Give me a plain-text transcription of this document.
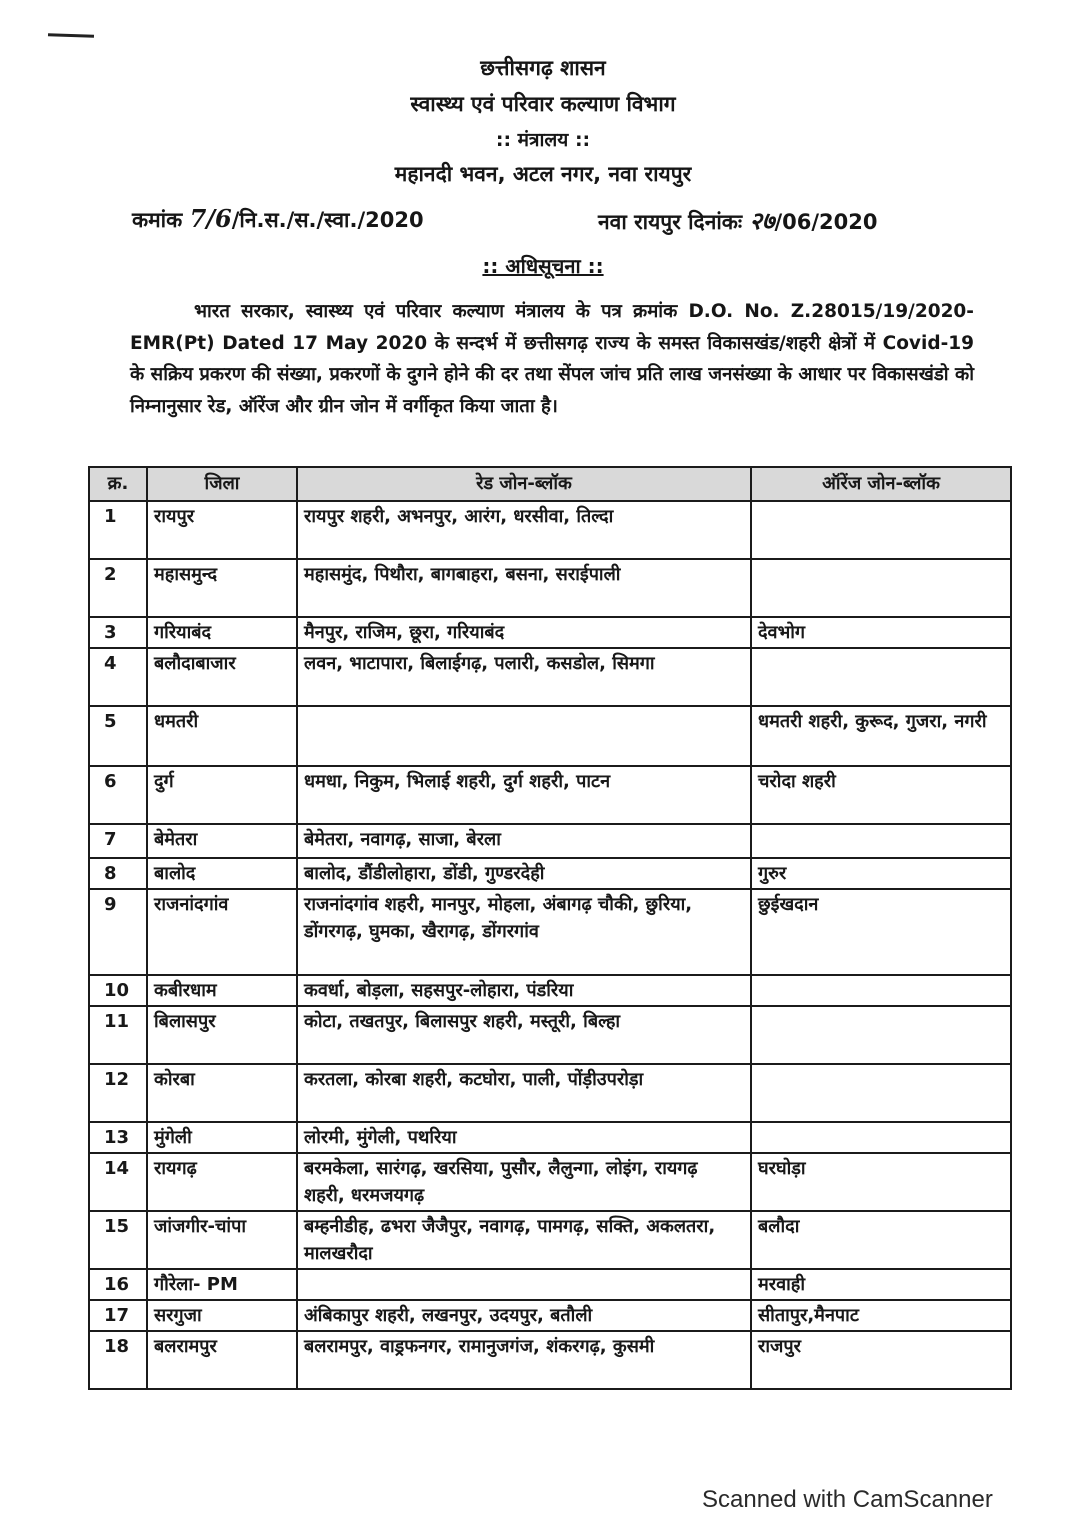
छत्तीसगढ़ शासन
स्वास्थ्य एवं परिवार कल्याण विभाग
:: मंत्रालय ::
महानदी भवन, अटल नगर, नवा रायपुर
कमांक 7/6/नि.स./स./स्वा./2020	नवा रायपुर दिनांकः २७/06/2020
:: अधिसूचना ::
भारत सरकार, स्वास्थ्य एवं परिवार कल्याण मंत्रालय के पत्र क्रमांक D.O. No. Z.28015/19/2020-EMR(Pt) Dated 17 May 2020 के सन्दर्भ में छत्तीसगढ़ राज्य के समस्त विकासखंड/शहरी क्षेत्रों में Covid-19 के सक्रिय प्रकरण की संख्या, प्रकरणों के दुगने होने की दर तथा सेंपल जांच प्रति लाख जनसंख्या के आधार पर विकासखंडो को निम्नानुसार रेड, ऑरेंज और ग्रीन जोन में वर्गीकृत किया जाता है।
क्र.	जिला	रेड जोन-ब्लॉक	ऑरेंज जोन-ब्लॉक
1	रायपुर	रायपुर शहरी, अभनपुर, आरंग, धरसीवा, तिल्दा	
2	महासमुन्द	महासमुंद, पिथौरा, बागबाहरा, बसना, सराईपाली	
3	गरियाबंद	मैनपुर, राजिम, छूरा, गरियाबंद	देवभोग
4	बलौदाबाजार	लवन, भाटापारा, बिलाईगढ़, पलारी, कसडोल, सिमगा	
5	धमतरी		धमतरी शहरी, कुरूद, गुजरा, नगरी
6	दुर्ग	धमधा, निकुम, भिलाई शहरी, दुर्ग शहरी, पाटन	चरोदा शहरी
7	बेमेतरा	बेमेतरा, नवागढ़, साजा, बेरला	
8	बालोद	बालोद, डौंडीलोहारा, डोंडी, गुण्डरदेही	गुरुर
9	राजनांदगांव	राजनांदगांव शहरी, मानपुर, मोहला, अंबागढ़ चौकी, छुरिया, डोंगरगढ़, घुमका, खैरागढ़, डोंगरगांव	छुईखदान
10	कबीरधाम	कवर्धा, बोड़ला, सहसपुर-लोहारा, पंडरिया	
11	बिलासपुर	कोटा, तखतपुर, बिलासपुर शहरी, मस्तूरी, बिल्हा	
12	कोरबा	करतला, कोरबा शहरी, कटघोरा, पाली, पोंड़ीउपरोड़ा	
13	मुंगेली	लोरमी, मुंगेली, पथरिया	
14	रायगढ़	बरमकेला, सारंगढ़, खरसिया, पुसौर, लैलुन्गा, लोइंग, रायगढ़ शहरी, धरमजयगढ़	घरघोड़ा
15	जांजगीर-चांपा	बम्हनीडीह, ढभरा जैजैपुर, नवागढ़, पामगढ़, सक्ति, अकलतरा, मालखरौदा	बलौदा
16	गौरेला- PM		मरवाही
17	सरगुजा	अंबिकापुर शहरी, लखनपुर, उदयपुर, बतौली	सीतापुर,मैनपाट
18	बलरामपुर	बलरामपुर, वाड्रफनगर, रामानुजगंज, शंकरगढ़, कुसमी	राजपुर
Scanned with CamScanner
